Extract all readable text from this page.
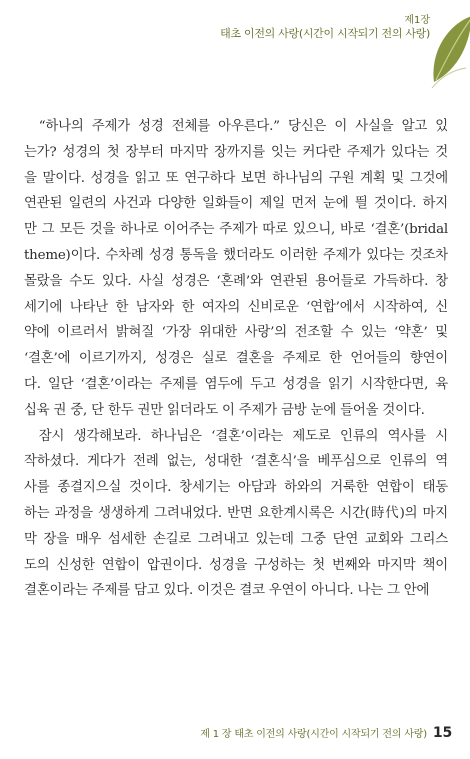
제1장
태초 이전의 사랑(시간이 시작되기 전의 사랑)
“하나의 주제가 성경 전체를 아우른다.” 당신은 이 사실을 알고 있
는가? 성경의 첫 장부터 마지막 장까지를 잇는 커다란 주제가 있다는 것
을 말이다. 성경을 읽고 또 연구하다 보면 하나님의 구원 계획 및 그것에
연관된 일련의 사건과 다양한 일화들이 제일 먼저 눈에 띌 것이다. 하지
만 그 모든 것을 하나로 이어주는 주제가 따로 있으니, 바로 ‘결혼’(bridal
theme)이다. 수차례 성경 통독을 했더라도 이러한 주제가 있다는 것조차
몰랐을 수도 있다. 사실 성경은 ‘혼례’와 연관된 용어들로 가득하다. 창
세기에 나타난 한 남자와 한 여자의 신비로운 ‘연합’에서 시작하여, 신
약에 이르러서 밝혀질 ‘가장 위대한 사랑’의 전조할 수 있는 ‘약혼’ 및
‘결혼’에 이르기까지, 성경은 실로 결혼을 주제로 한 언어들의 향연이
다. 일단 ‘결혼’이라는 주제를 염두에 두고 성경을 읽기 시작한다면, 육
십육 권 중, 단 한두 권만 읽더라도 이 주제가 금방 눈에 들어올 것이다.
잠시 생각해보라. 하나님은 ‘결혼’이라는 제도로 인류의 역사를 시
작하셨다. 게다가 전례 없는, 성대한 ‘결혼식’을 베푸심으로 인류의 역
사를 종결지으실 것이다. 창세기는 아담과 하와의 거룩한 연합이 태동
하는 과정을 생생하게 그려내었다. 반면 요한계시록은 시간(時代)의 마지
막 장을 매우 섬세한 손길로 그려내고 있는데 그중 단연 교회와 그리스
도의 신성한 연합이 압권이다. 성경을 구성하는 첫 번째와 마지막 책이
결혼이라는 주제를 담고 있다. 이것은 결코 우연이 아니다. 나는 그 안에
제 1 장 태초 이전의 사랑(시간이 시작되기 전의 사랑) 15
